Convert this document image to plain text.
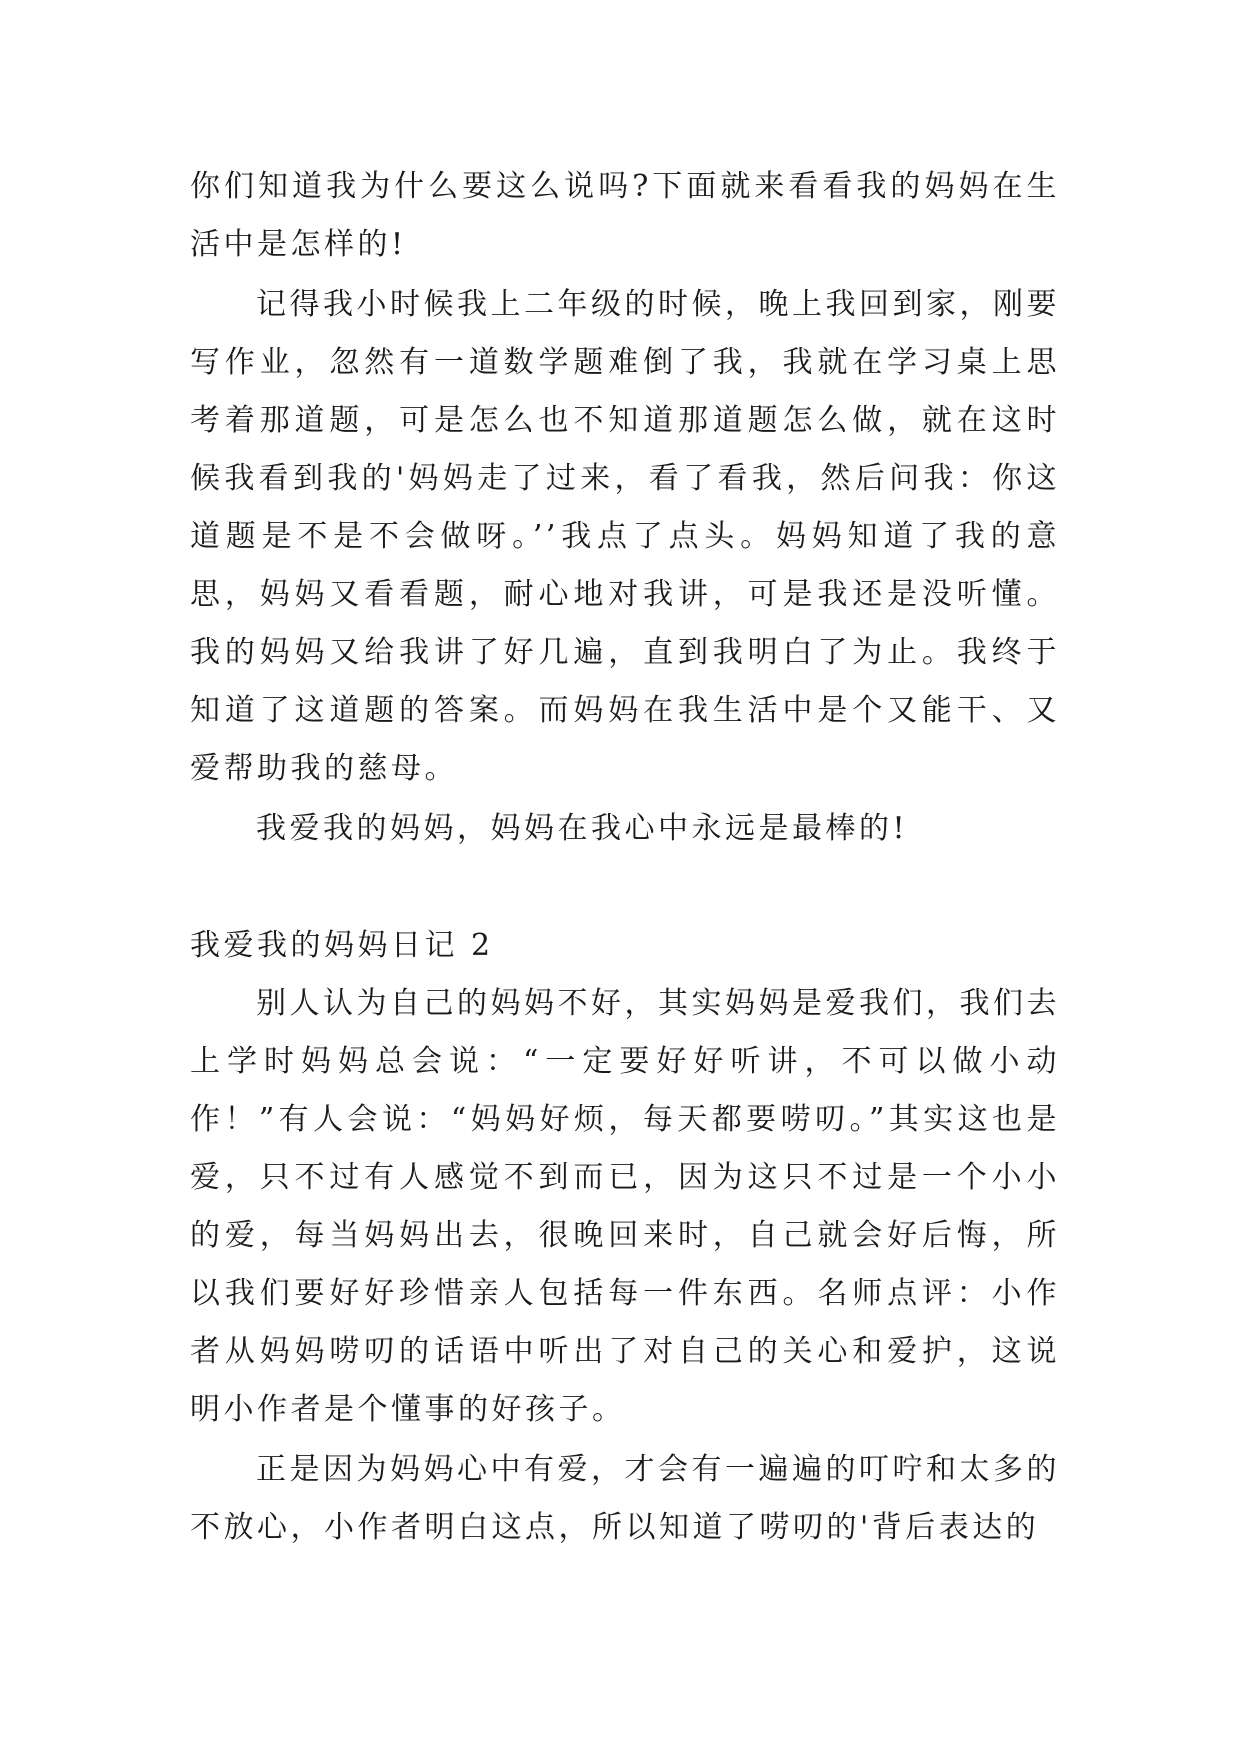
你们知道我为什么要这么说吗?下面就来看看我的妈妈在生活中是怎样的!

记得我小时候我上二年级的时候，晚上我回到家，刚要写作业，忽然有一道数学题难倒了我，我就在学习桌上思考着那道题，可是怎么也不知道那道题怎么做，就在这时候我看到我的'妈妈走了过来，看了看我，然后问我：你这道题是不是不会做呀。’’我点了点头。妈妈知道了我的意思，妈妈又看看题，耐心地对我讲，可是我还是没听懂。我的妈妈又给我讲了好几遍，直到我明白了为止。我终于知道了这道题的答案。而妈妈在我生活中是个又能干、又爱帮助我的慈母。

我爱我的妈妈，妈妈在我心中永远是最棒的!

我爱我的妈妈日记 2

别人认为自己的妈妈不好，其实妈妈是爱我们，我们去上学时妈妈总会说：“一定要好好听讲，不可以做小动作！”有人会说：“妈妈好烦，每天都要唠叨。”其实这也是爱，只不过有人感觉不到而已，因为这只不过是一个小小的爱，每当妈妈出去，很晚回来时，自己就会好后悔，所以我们要好好珍惜亲人包括每一件东西。名师点评：小作者从妈妈唠叨的话语中听出了对自己的关心和爱护，这说明小作者是个懂事的好孩子。

正是因为妈妈心中有爱，才会有一遍遍的叮咛和太多的不放心，小作者明白这点，所以知道了唠叨的'背后表达的
